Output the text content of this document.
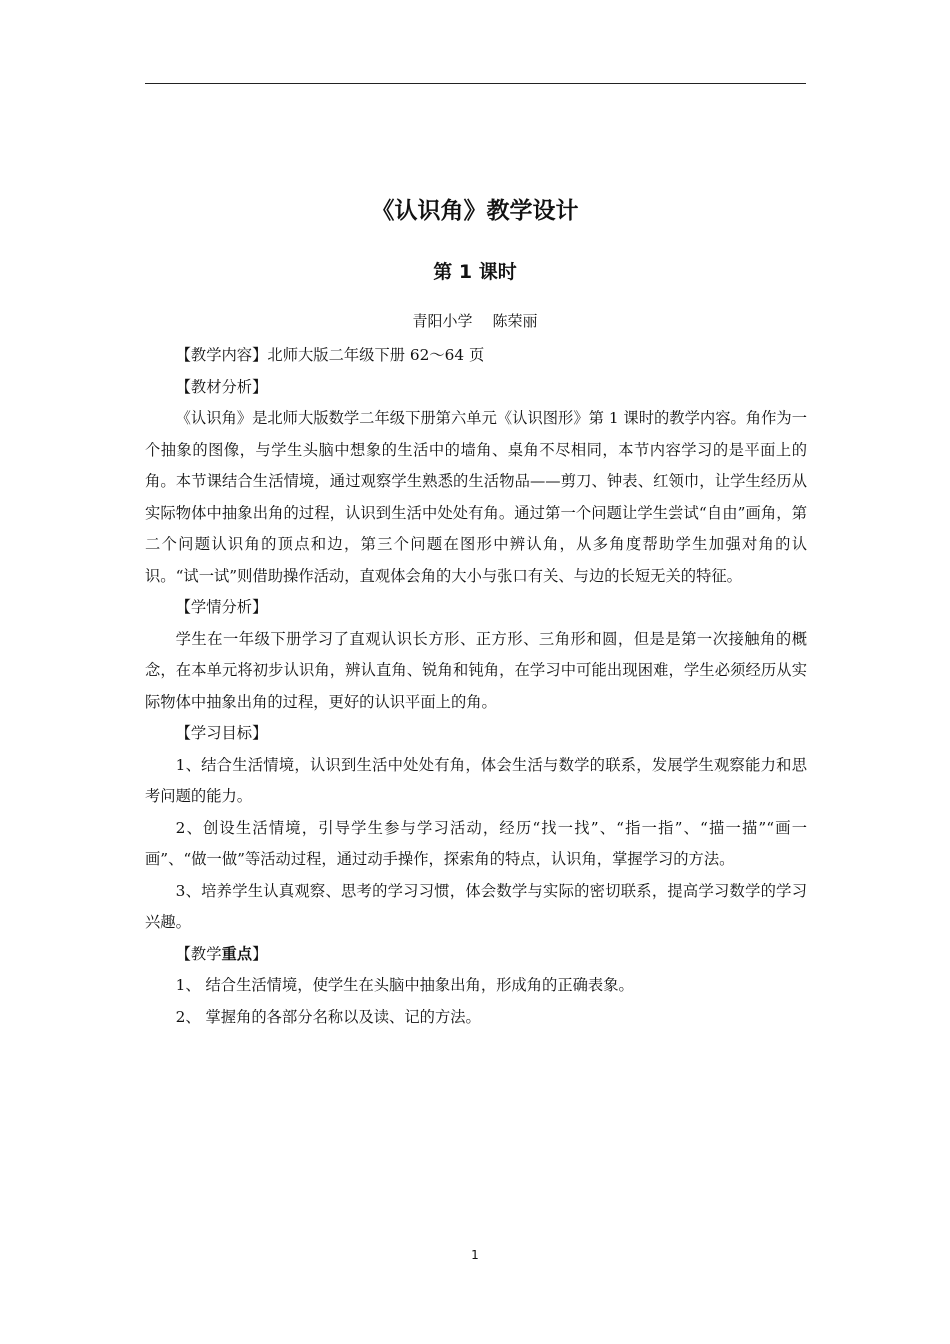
《认识角》教学设计
第 1 课时
青阳小学 陈荣丽

【教学内容】北师大版二年级下册 62～64 页

【教材分析】

《认识角》是北师大版数学二年级下册第六单元《认识图形》第 1 课时的教学内容。角作为一个抽象的图像，与学生头脑中想象的生活中的墙角、桌角不尽相同，本节内容学习的是平面上的角。本节课结合生活情境，通过观察学生熟悉的生活物品——剪刀、钟表、红领巾，让学生经历从实际物体中抽象出角的过程，认识到生活中处处有角。通过第一个问题让学生尝试“自由”画角，第二个问题认识角的顶点和边，第三个问题在图形中辨认角，从多角度帮助学生加强对角的认识。“试一试”则借助操作活动，直观体会角的大小与张口有关、与边的长短无关的特征。

【学情分析】

学生在一年级下册学习了直观认识长方形、正方形、三角形和圆，但是是第一次接触角的概念，在本单元将初步认识角，辨认直角、锐角和钝角，在学习中可能出现困难，学生必须经历从实际物体中抽象出角的过程，更好的认识平面上的角。

【学习目标】

1、结合生活情境，认识到生活中处处有角，体会生活与数学的联系，发展学生观察能力和思考问题的能力。

2、创设生活情境，引导学生参与学习活动，经历“找一找”、“指一指”、“描一描”“画一画”、“做一做”等活动过程，通过动手操作，探索角的特点，认识角，掌握学习的方法。

3、培养学生认真观察、思考的学习习惯，体会数学与实际的密切联系，提高学习数学的学习兴趣。

【教学重点】

1、 结合生活情境，使学生在头脑中抽象出角，形成角的正确表象。

2、 掌握角的各部分名称以及读、记的方法。

1
